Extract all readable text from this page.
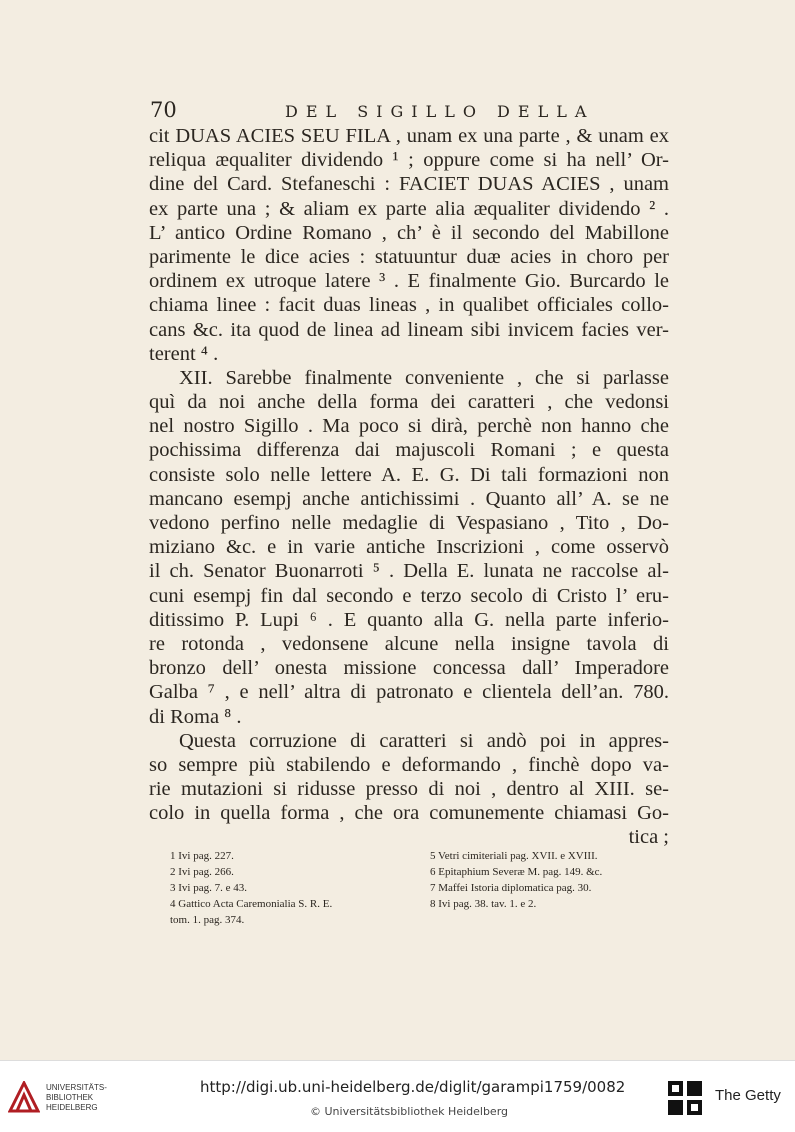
70	DEL SIGILLO DELLA
cit DUAS ACIES SEU FILA , unam ex una parte , & unam ex
reliqua æqualiter dividendo ¹ ; oppure come si ha nell’ Or-
dine del Card. Stefaneschi : FACIET DUAS ACIES , unam
ex parte una ; & aliam ex parte alia æqualiter dividendo ² .
L’ antico Ordine Romano , ch’ è il secondo del Mabillone
parimente le dice acies : statuuntur duæ acies in choro per
ordinem ex utroque latere ³ . E finalmente Gio. Burcardo le
chiama linee : facit duas lineas , in qualibet officiales collo-
cans &c. ita quod de linea ad lineam sibi invicem facies ver-
terent ⁴ .
XII. Sarebbe finalmente conveniente , che si parlasse
quì da noi anche della forma dei caratteri , che vedonsi
nel nostro Sigillo . Ma poco si dirà, perchè non hanno che
pochissima differenza dai majuscoli Romani ; e questa
consiste solo nelle lettere A. E. G. Di tali formazioni non
mancano esempj anche antichissimi . Quanto all’ A. se ne
vedono perfino nelle medaglie di Vespasiano , Tito , Do-
miziano &c. e in varie antiche Inscrizioni , come osservò
il ch. Senator Buonarroti ⁵ . Della E. lunata ne raccolse al-
cuni esempj fin dal secondo e terzo secolo di Cristo l’ eru-
ditissimo P. Lupi ⁶ . E quanto alla G. nella parte inferio-
re rotonda , vedonsene alcune nella insigne tavola di
bronzo dell’ onesta missione concessa dall’ Imperadore
Galba ⁷ , e nell’ altra di patronato e clientela dell’an. 780.
di Roma ⁸ .
Questa corruzione di caratteri si andò poi in appres-
so sempre più stabilendo e deformando , finchè dopo va-
rie mutazioni si ridusse presso di noi , dentro al XIII. se-
colo in quella forma , che ora comunemente chiamasi Go-
tica ;
1 Ivi pag. 227.
2 Ivi pag. 266.
3 Ivi pag. 7. e 43.
4 Gattico Acta Caremonialia S. R. E.
tom. 1. pag. 374.
5 Vetri cimiteriali pag. XVII. e XVIII.
6 Epitaphium Severæ M. pag. 149. &c.
7 Maffei Istoria diplomatica pag. 30.
8 Ivi pag. 38. tav. 1. e 2.
UNIVERSITÄTS- BIBLIOTHEK HEIDELBERG
http://digi.ub.uni-heidelberg.de/diglit/garampi1759/0082
© Universitätsbibliothek Heidelberg
The Getty
